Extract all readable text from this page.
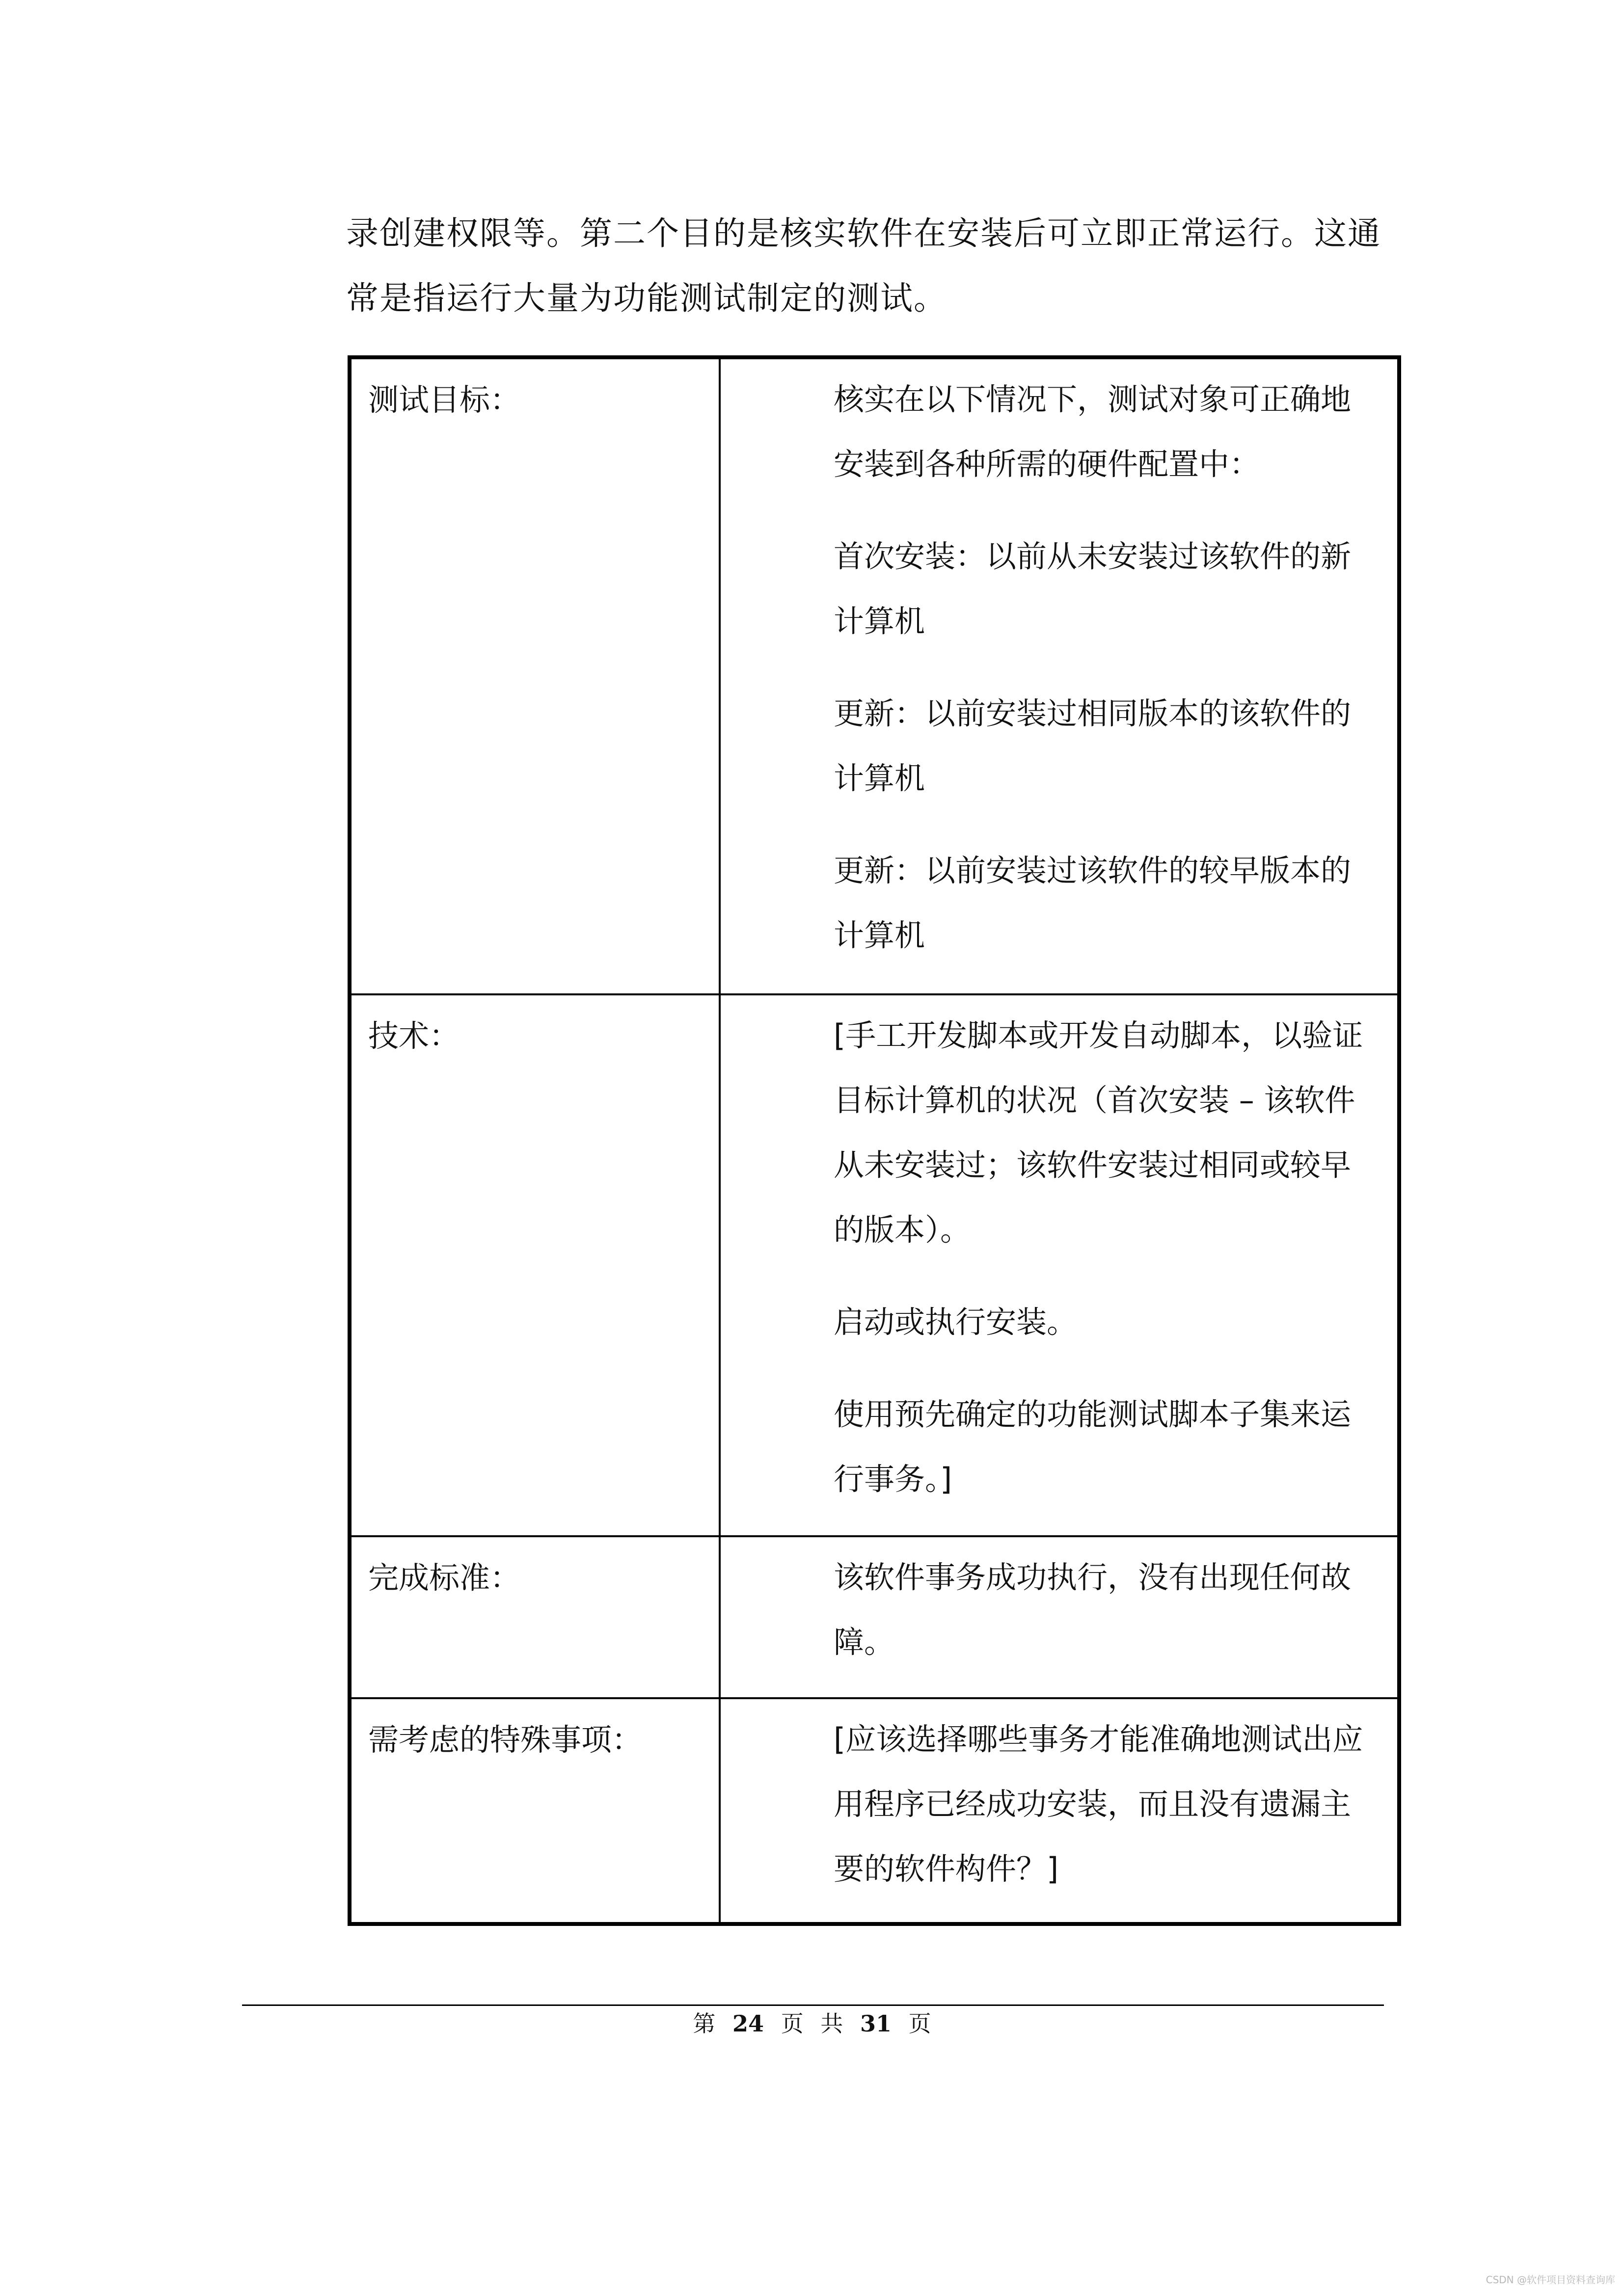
录创建权限等。第二个目的是核实软件在安装后可立即正常运行。这通

常是指运行大量为功能测试制定的测试。

测试目标：	核实在以下情况下，测试对象可正确地安装到各种所需的硬件配置中：

首次安装：以前从未安装过该软件的新计算机

更新：以前安装过相同版本的该软件的计算机

更新：以前安装过该软件的较早版本的计算机

技术：	[手工开发脚本或开发自动脚本，以验证目标计算机的状况（首次安装 – 该软件从未安装过；该软件安装过相同或较早的版本）。

启动或执行安装。

使用预先确定的功能测试脚本子集来运行事务。]

完成标准：	该软件事务成功执行，没有出现任何故障。

需考虑的特殊事项：	[应该选择哪些事务才能准确地测试出应用程序已经成功安装，而且没有遗漏主要的软件构件？]

第 24 页 共 31 页
CSDN @软件项目资料查询库
